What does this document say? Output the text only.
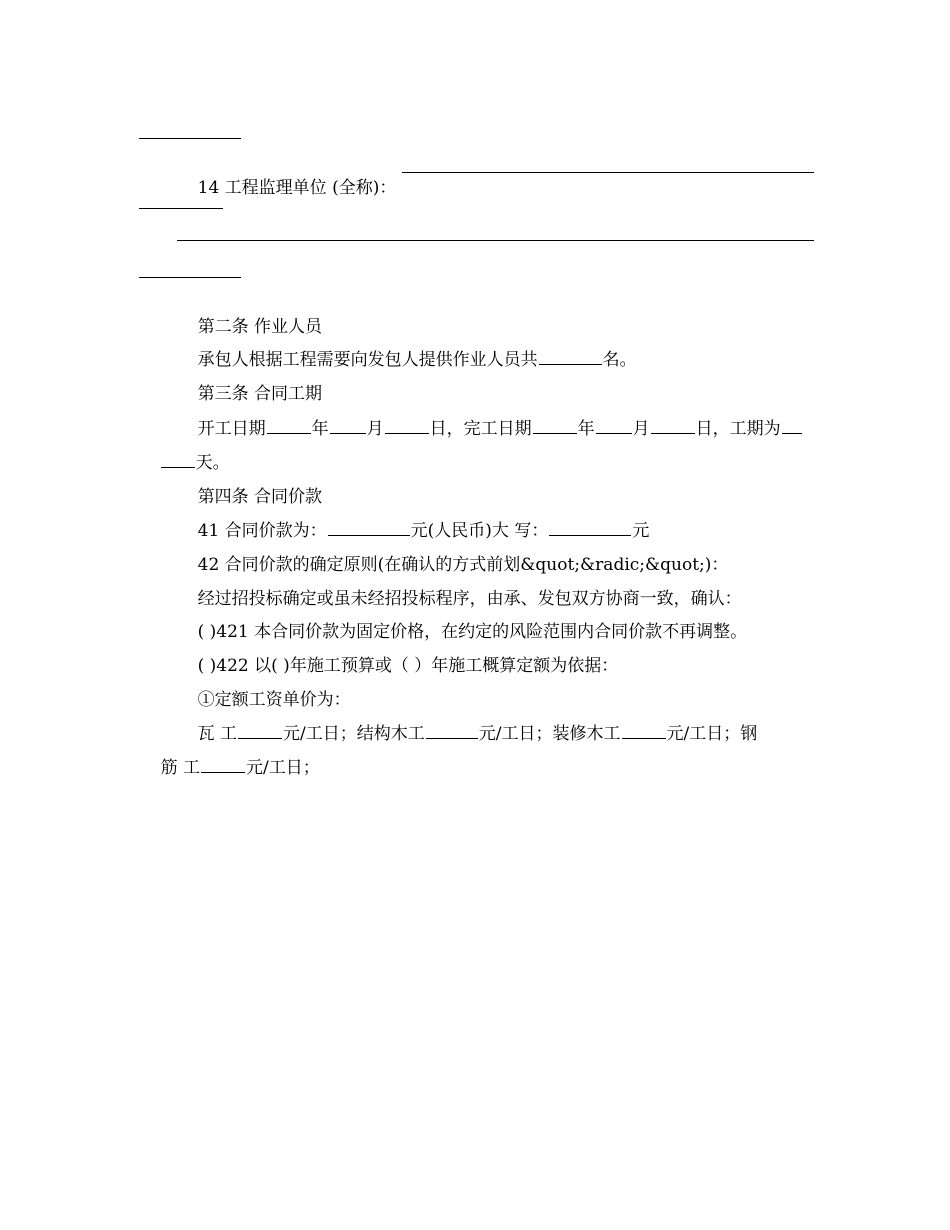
14 工程监理单位 (全称)：

第二条 作业人员

承包人根据工程需要向发包人提供作业人员共	名。

第三条 合同工期

开工日期	年 月	日，完工日期	年 月	日，工期为

天。

第四条 合同价款

41 合同价款为：	元(人民币)大 写：	元

42 合同价款的确定原则(在确认的方式前划&quot;&radic;&quot;)：

经过招投标确定或虽未经招投标程序，由承、发包双方协商一致，确认：

( )421 本合同价款为固定价格，在约定的风险范围内合同价款不再调整。

( )422 以( )年施工预算或（ ）年施工概算定额为依据：

①定额工资单价为：

瓦 工	元/工日；结构木工	元/工日；装修木工	元/工日；钢

筋 工	元/工日；
